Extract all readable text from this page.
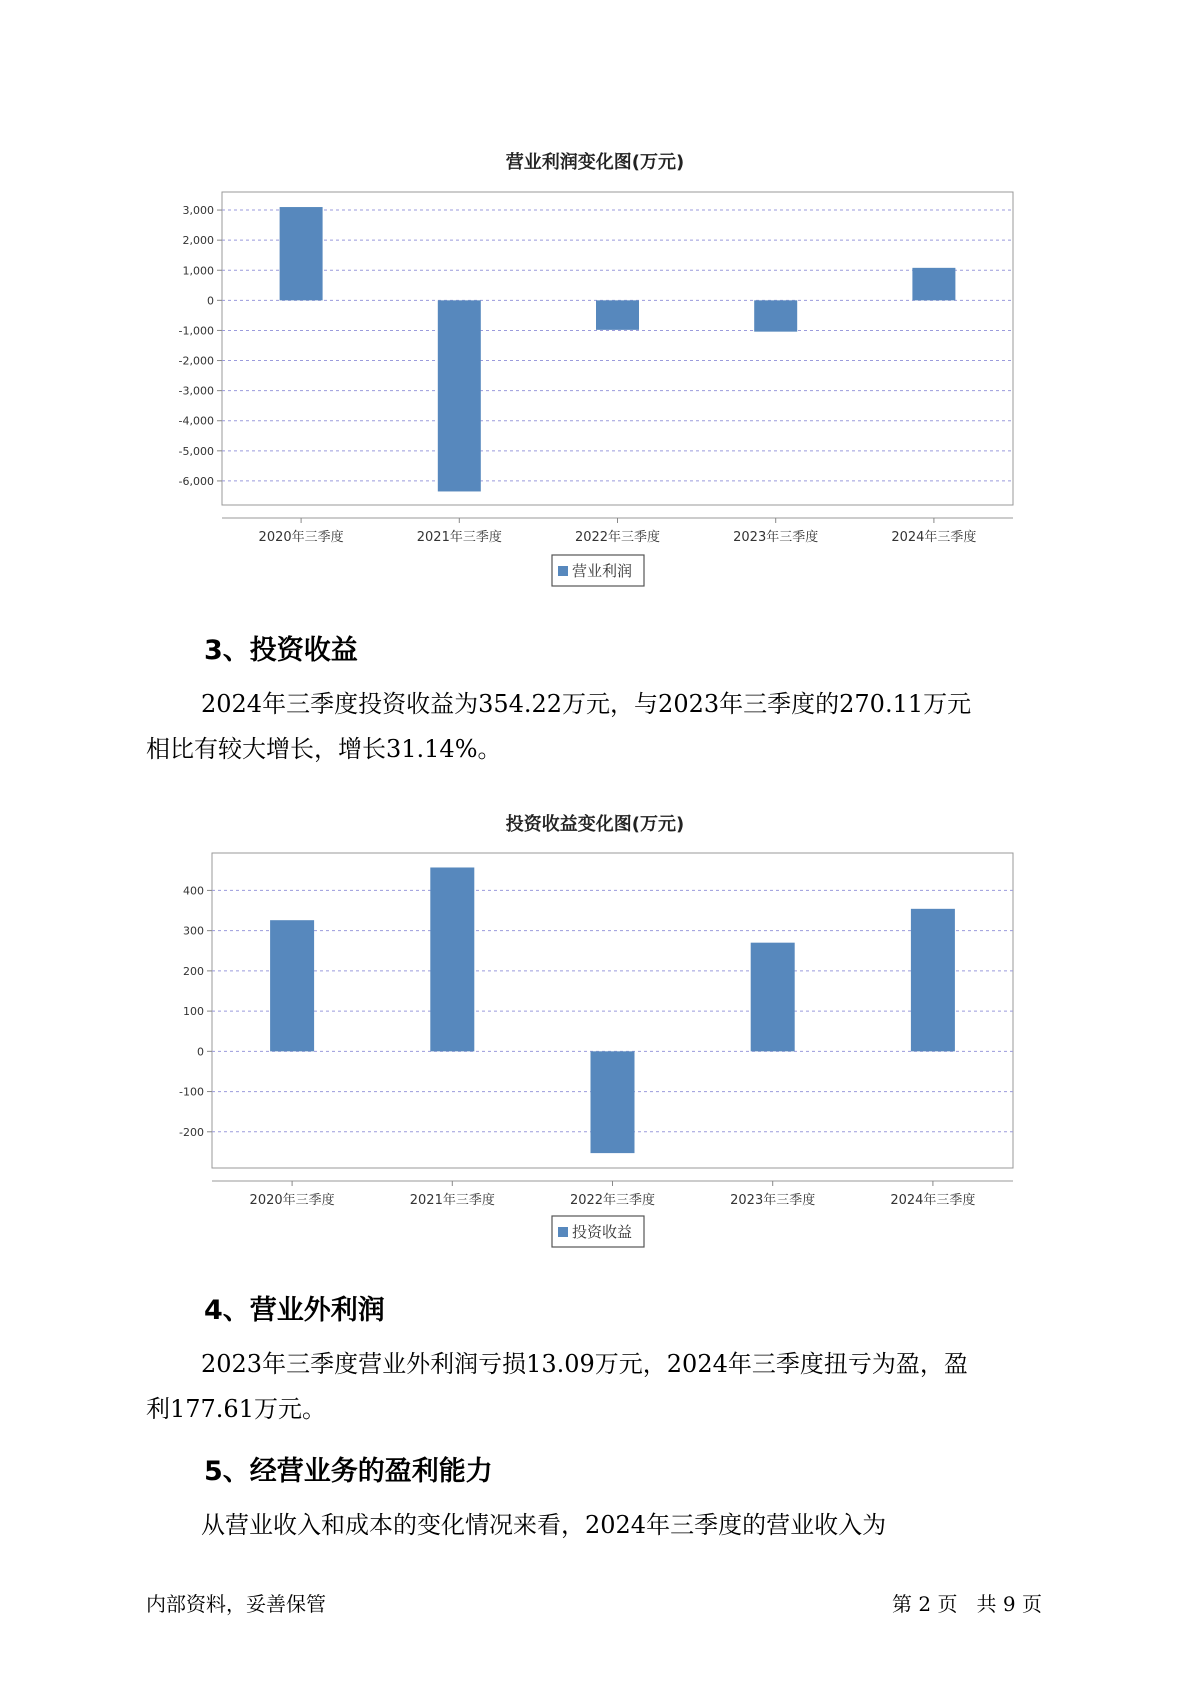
营业利润变化图(万元)
3,000
2,000
1,000
0
-1,000
-2,000
-3,000
-4,000
-5,000
-6,000
2020年三季度	2021年三季度	2022年三季度	2023年三季度	2024年三季度
营业利润
3、投资收益
2024年三季度投资收益为354.22万元，与2023年三季度的270.11万元
相比有较大增长，增长31.14%。
投资收益变化图(万元)
400
300
200
100
0
-100
-200
2020年三季度	2021年三季度	2022年三季度	2023年三季度	2024年三季度
投资收益
4、营业外利润
2023年三季度营业外利润亏损13.09万元，2024年三季度扭亏为盈，盈
利177.61万元。
5、经营业务的盈利能力
从营业收入和成本的变化情况来看，2024年三季度的营业收入为
内部资料，妥善保管	第 2 页   共 9 页
